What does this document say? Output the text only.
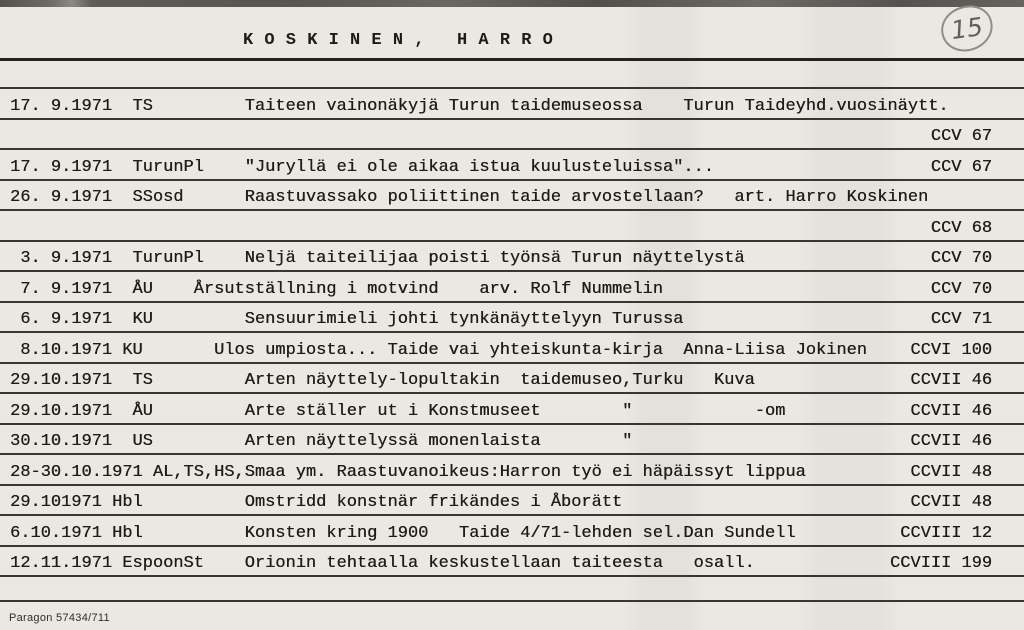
K O S K I N E N ,   H A R R O	15
17. 9.1971  TS         Taiteen vainonäkyjä Turun taidemuseossa    Turun Taideyhd.vuosinäytt.
CCV 67
17. 9.1971  TurunPl    "Juryllä ei ole aikaa istua kuulusteluissa"...	CCV 67
26. 9.1971  SSosd      Raastuvassako poliittinen taide arvostellaan?   art. Harro Koskinen
CCV 68
3. 9.1971  TurunPl    Neljä taiteilijaa poisti työnsä Turun näyttelystä	CCV 70
7. 9.1971  ÅU    Årsutställning i motvind    arv. Rolf Nummelin	CCV 70
6. 9.1971  KU         Sensuurimieli johti tynkänäyttelyyn Turussa	CCV 71
8.10.1971 KU       Ulos umpiosta... Taide vai yhteiskunta-kirja  Anna-Liisa Jokinen	CCVI 100
29.10.1971  TS         Arten näyttely-lopultakin  taidemuseo,Turku   Kuva	CCVII 46
29.10.1971  ÅU         Arte ställer ut i Konstmuseet        "            -om	CCVII 46
30.10.1971  US         Arten näyttelyssä monenlaista        "	CCVII 46
28-30.10.1971 AL,TS,HS,Smaa ym. Raastuvanoikeus:Harron työ ei häpäissyt lippua	CCVII 48
29.101971 Hbl          Omstridd konstnär frikändes i Åborätt	CCVII 48
6.10.1971 Hbl          Konsten kring 1900   Taide 4/71-lehden sel.Dan Sundell	CCVIII 12
12.11.1971 EspoonSt    Orionin tehtaalla keskustellaan taiteesta   osall.	CCVIII 199
Paragon 57434/711
